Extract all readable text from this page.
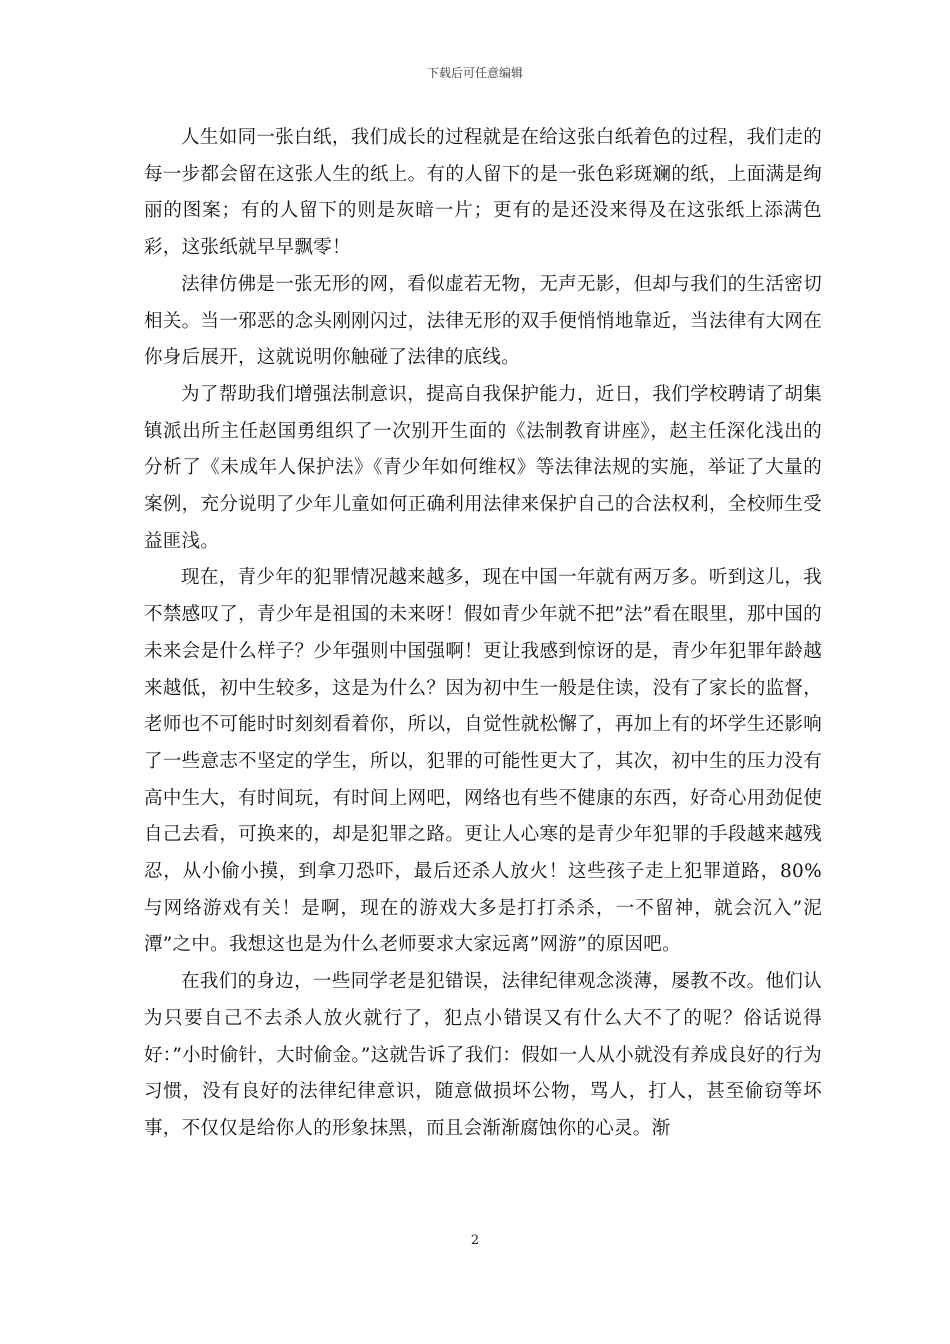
下载后可任意编辑

人生如同一张白纸，我们成长的过程就是在给这张白纸着色的过程，我们走的每一步都会留在这张人生的纸上。有的人留下的是一张色彩斑斓的纸，上面满是绚丽的图案；有的人留下的则是灰暗一片；更有的是还没来得及在这张纸上添满色彩，这张纸就早早飘零！

法律仿佛是一张无形的网，看似虚若无物，无声无影，但却与我们的生活密切相关。当一邪恶的念头刚刚闪过，法律无形的双手便悄悄地靠近，当法律有大网在你身后展开，这就说明你触碰了法律的底线。

为了帮助我们增强法制意识，提高自我保护能力，近日，我们学校聘请了胡集镇派出所主任赵国勇组织了一次别开生面的《法制教育讲座》，赵主任深化浅出的分析了《未成年人保护法》《青少年如何维权》等法律法规的实施，举证了大量的案例，充分说明了少年儿童如何正确利用法律来保护自己的合法权利，全校师生受益匪浅。

现在，青少年的犯罪情况越来越多，现在中国一年就有两万多。听到这儿，我不禁感叹了，青少年是祖国的未来呀！假如青少年就不把”法”看在眼里，那中国的未来会是什么样子？少年强则中国强啊！更让我感到惊讶的是，青少年犯罪年龄越来越低，初中生较多，这是为什么？因为初中生一般是住读，没有了家长的监督，老师也不可能时时刻刻看着你，所以，自觉性就松懈了，再加上有的坏学生还影响了一些意志不坚定的学生，所以，犯罪的可能性更大了，其次，初中生的压力没有高中生大，有时间玩，有时间上网吧，网络也有些不健康的东西，好奇心用劲促使自己去看，可换来的，却是犯罪之路。更让人心寒的是青少年犯罪的手段越来越残忍，从小偷小摸，到拿刀恐吓，最后还杀人放火！这些孩子走上犯罪道路，80%与网络游戏有关！是啊，现在的游戏大多是打打杀杀，一不留神，就会沉入”泥潭”之中。我想这也是为什么老师要求大家远离”网游”的原因吧。

在我们的身边，一些同学老是犯错误，法律纪律观念淡薄，屡教不改。他们认为只要自己不去杀人放火就行了，犯点小错误又有什么大不了的呢？俗话说得好：”小时偷针，大时偷金。”这就告诉了我们：假如一人从小就没有养成良好的行为习惯，没有良好的法律纪律意识，随意做损坏公物，骂人，打人，甚至偷窃等坏事，不仅仅是给你人的形象抹黑，而且会渐渐腐蚀你的心灵。渐

2
